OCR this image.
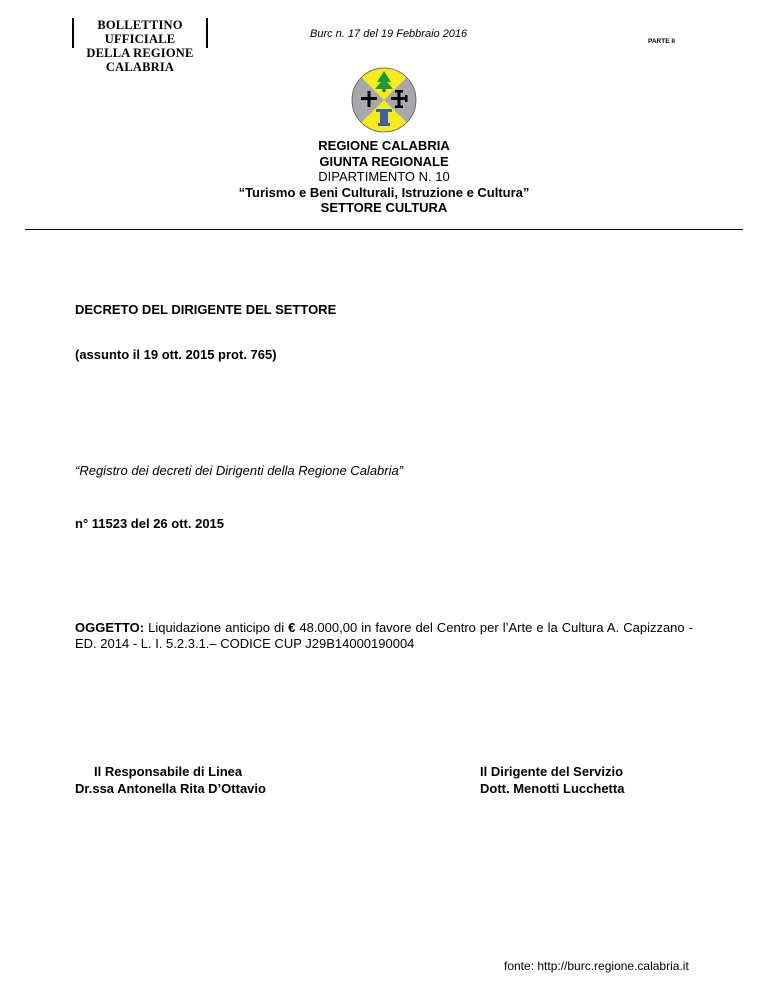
BOLLETTINO UFFICIALE
DELLA REGIONE CALABRIA
Burc n. 17 del 19 Febbraio 2016
PARTE II
REGIONE CALABRIA
GIUNTA REGIONALE
DIPARTIMENTO N. 10
“Turismo e Beni Culturali, Istruzione e Cultura”
SETTORE CULTURA
DECRETO DEL DIRIGENTE DEL SETTORE
(assunto il 19 ott. 2015 prot. 765)
“Registro dei decreti dei Dirigenti della Regione Calabria”
n° 11523 del 26 ott. 2015
OGGETTO: Liquidazione anticipo di € 48.000,00 in favore del Centro per l’Arte e la Cultura A. Capizzano - ED. 2014 - L. I. 5.2.3.1.– CODICE CUP J29B14000190004
Il Responsabile di Linea
Dr.ssa Antonella Rita D’Ottavio
Il Dirigente del Servizio
Dott. Menotti Lucchetta
fonte: http://burc.regione.calabria.it
